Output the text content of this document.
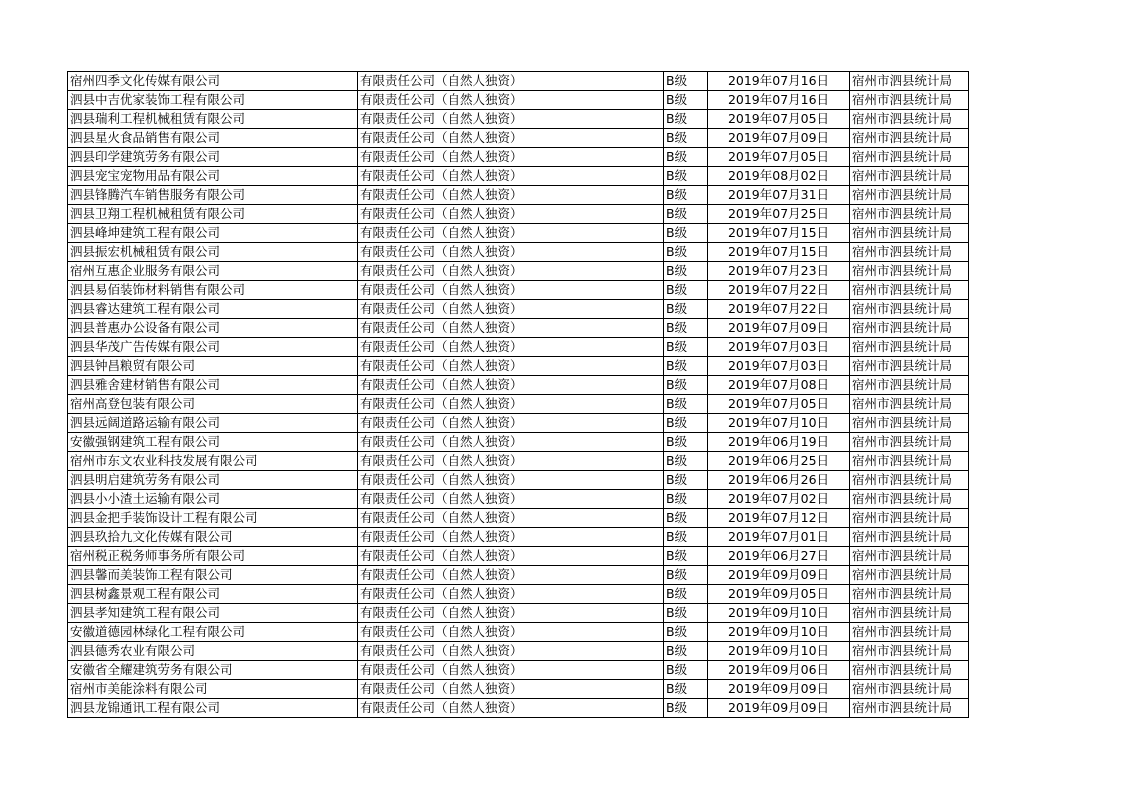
宿州四季文化传媒有限公司	有限责任公司（自然人独资）	B级	2019年07月16日	宿州市泗县统计局
泗县中吉优家装饰工程有限公司	有限责任公司（自然人独资）	B级	2019年07月16日	宿州市泗县统计局
泗县瑞利工程机械租赁有限公司	有限责任公司（自然人独资）	B级	2019年07月05日	宿州市泗县统计局
泗县星火食品销售有限公司	有限责任公司（自然人独资）	B级	2019年07月09日	宿州市泗县统计局
泗县印学建筑劳务有限公司	有限责任公司（自然人独资）	B级	2019年07月05日	宿州市泗县统计局
泗县宠宝宠物用品有限公司	有限责任公司（自然人独资）	B级	2019年08月02日	宿州市泗县统计局
泗县锋腾汽车销售服务有限公司	有限责任公司（自然人独资）	B级	2019年07月31日	宿州市泗县统计局
泗县卫翔工程机械租赁有限公司	有限责任公司（自然人独资）	B级	2019年07月25日	宿州市泗县统计局
泗县峰坤建筑工程有限公司	有限责任公司（自然人独资）	B级	2019年07月15日	宿州市泗县统计局
泗县振宏机械租赁有限公司	有限责任公司（自然人独资）	B级	2019年07月15日	宿州市泗县统计局
宿州互惠企业服务有限公司	有限责任公司（自然人独资）	B级	2019年07月23日	宿州市泗县统计局
泗县易佰装饰材料销售有限公司	有限责任公司（自然人独资）	B级	2019年07月22日	宿州市泗县统计局
泗县睿达建筑工程有限公司	有限责任公司（自然人独资）	B级	2019年07月22日	宿州市泗县统计局
泗县普惠办公设备有限公司	有限责任公司（自然人独资）	B级	2019年07月09日	宿州市泗县统计局
泗县华茂广告传媒有限公司	有限责任公司（自然人独资）	B级	2019年07月03日	宿州市泗县统计局
泗县钟昌粮贸有限公司	有限责任公司（自然人独资）	B级	2019年07月03日	宿州市泗县统计局
泗县雅舍建材销售有限公司	有限责任公司（自然人独资）	B级	2019年07月08日	宿州市泗县统计局
宿州高登包装有限公司	有限责任公司（自然人独资）	B级	2019年07月05日	宿州市泗县统计局
泗县远阔道路运输有限公司	有限责任公司（自然人独资）	B级	2019年07月10日	宿州市泗县统计局
安徽强钢建筑工程有限公司	有限责任公司（自然人独资）	B级	2019年06月19日	宿州市泗县统计局
宿州市东文农业科技发展有限公司	有限责任公司（自然人独资）	B级	2019年06月25日	宿州市泗县统计局
泗县明启建筑劳务有限公司	有限责任公司（自然人独资）	B级	2019年06月26日	宿州市泗县统计局
泗县小小渣土运输有限公司	有限责任公司（自然人独资）	B级	2019年07月02日	宿州市泗县统计局
泗县金把手装饰设计工程有限公司	有限责任公司（自然人独资）	B级	2019年07月12日	宿州市泗县统计局
泗县玖拾九文化传媒有限公司	有限责任公司（自然人独资）	B级	2019年07月01日	宿州市泗县统计局
宿州税正税务师事务所有限公司	有限责任公司（自然人独资）	B级	2019年06月27日	宿州市泗县统计局
泗县馨而美装饰工程有限公司	有限责任公司（自然人独资）	B级	2019年09月09日	宿州市泗县统计局
泗县树鑫景观工程有限公司	有限责任公司（自然人独资）	B级	2019年09月05日	宿州市泗县统计局
泗县孝知建筑工程有限公司	有限责任公司（自然人独资）	B级	2019年09月10日	宿州市泗县统计局
安徽道德园林绿化工程有限公司	有限责任公司（自然人独资）	B级	2019年09月10日	宿州市泗县统计局
泗县德秀农业有限公司	有限责任公司（自然人独资）	B级	2019年09月10日	宿州市泗县统计局
安徽省全耀建筑劳务有限公司	有限责任公司（自然人独资）	B级	2019年09月06日	宿州市泗县统计局
宿州市美能涂料有限公司	有限责任公司（自然人独资）	B级	2019年09月09日	宿州市泗县统计局
泗县龙锦通讯工程有限公司	有限责任公司（自然人独资）	B级	2019年09月09日	宿州市泗县统计局
